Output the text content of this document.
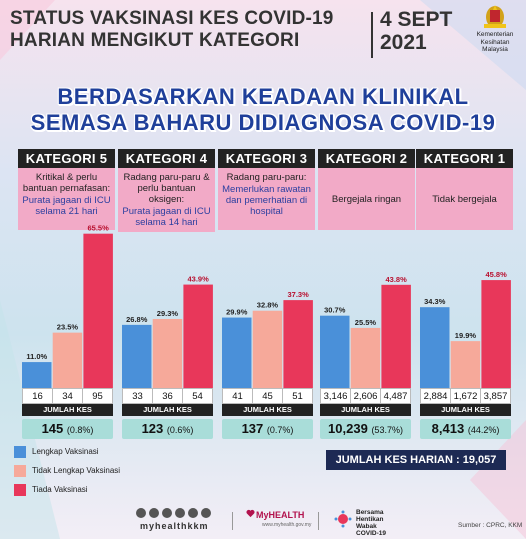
STATUS VAKSINASI KES COVID-19
HARIAN MENGIKUT KATEGORI
4 SEPT
2021	Kementerian
Kesihatan
Malaysia
BERDASARKAN KEADAAN KLINIKAL
SEMASA BAHARU DIDIAGNOSA COVID-19
KATEGORI 5
Kritikal & perlu bantuan pernafasan:
Purata jagaan di ICU selama 21 hari
KATEGORI 4
Radang paru-paru & perlu bantuan oksigen:
Purata jagaan di ICU selama 14 hari
KATEGORI 3
Radang paru-paru:
Memerlukan rawatan dan pemerhatian di hospital
KATEGORI 2
Bergejala ringan
KATEGORI 1
Tidak bergejala
11.0%
23.5%
65.5%
26.8%
29.3%
43.9%
29.9%
32.8%
37.3%
30.7%
25.5%
43.8%
34.3%
19.9%
45.8%
16	34	95
JUMLAH KES
145 (0.8%)
33	36	54
JUMLAH KES
123 (0.6%)
41	45	51
JUMLAH KES
137 (0.7%)
3,146 2,606 4,487
JUMLAH KES
10,239 (53.7%)
2,884 1,672 3,857
JUMLAH KES
8,413 (44.2%)
Lengkap Vaksinasi
Tidak Lengkap Vaksinasi
Tiada Vaksinasi
JUMLAH KES HARIAN : 19,057
myhealthkkm
MyHEALTH
www.myhealth.gov.my
Bersama
Hentikan
Wabak
COVID-19
Sumber : CPRC, KKM
